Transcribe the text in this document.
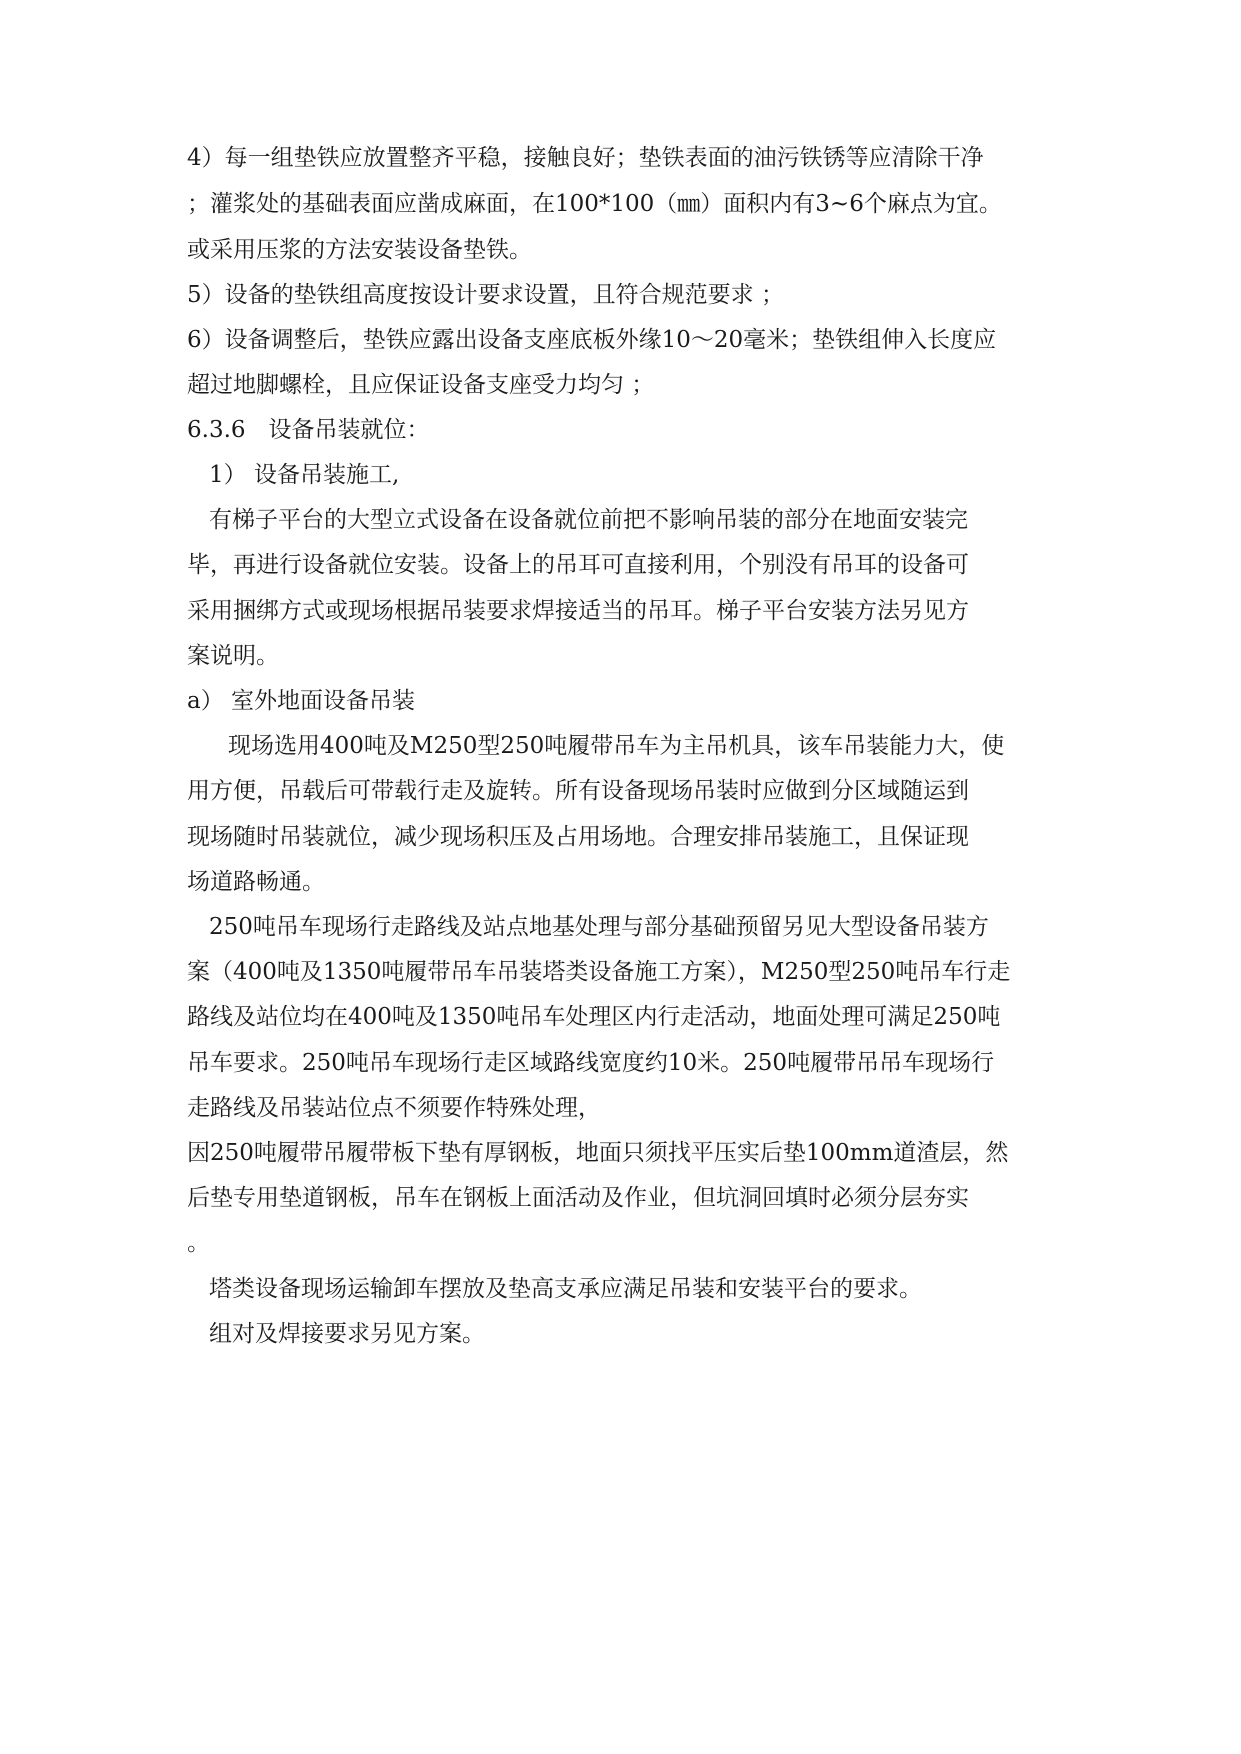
4）每一组垫铁应放置整齐平稳，接触良好；垫铁表面的油污铁锈等应清除干净
；灌浆处的基础表面应凿成麻面，在100*100（㎜）面积内有3~6个麻点为宜。
或采用压浆的方法安装设备垫铁。
5）设备的垫铁组高度按设计要求设置，且符合规范要求 ；
6）设备调整后，垫铁应露出设备支座底板外缘10～20毫米；垫铁组伸入长度应
超过地脚螺栓，且应保证设备支座受力均匀 ；
6.3.6　设备吊装就位：
1） 设备吊装施工,
有梯子平台的大型立式设备在设备就位前把不影响吊装的部分在地面安装完
毕，再进行设备就位安装。设备上的吊耳可直接利用，个别没有吊耳的设备可
采用捆绑方式或现场根据吊装要求焊接适当的吊耳。梯子平台安装方法另见方
案说明。
a） 室外地面设备吊装
现场选用400吨及M250型250吨履带吊车为主吊机具，该车吊装能力大，使
用方便，吊载后可带载行走及旋转。所有设备现场吊装时应做到分区域随运到
现场随时吊装就位，减少现场积压及占用场地。合理安排吊装施工，且保证现
场道路畅通。
250吨吊车现场行走路线及站点地基处理与部分基础预留另见大型设备吊装方
案（400吨及1350吨履带吊车吊装塔类设备施工方案），M250型250吨吊车行走
路线及站位均在400吨及1350吨吊车处理区内行走活动，地面处理可满足250吨
吊车要求。250吨吊车现场行走区域路线宽度约10米。250吨履带吊吊车现场行
走路线及吊装站位点不须要作特殊处理，
因250吨履带吊履带板下垫有厚钢板，地面只须找平压实后垫100mm道渣层，然
后垫专用垫道钢板，吊车在钢板上面活动及作业，但坑洞回填时必须分层夯实
。
塔类设备现场运输卸车摆放及垫高支承应满足吊装和安装平台的要求。
组对及焊接要求另见方案。
